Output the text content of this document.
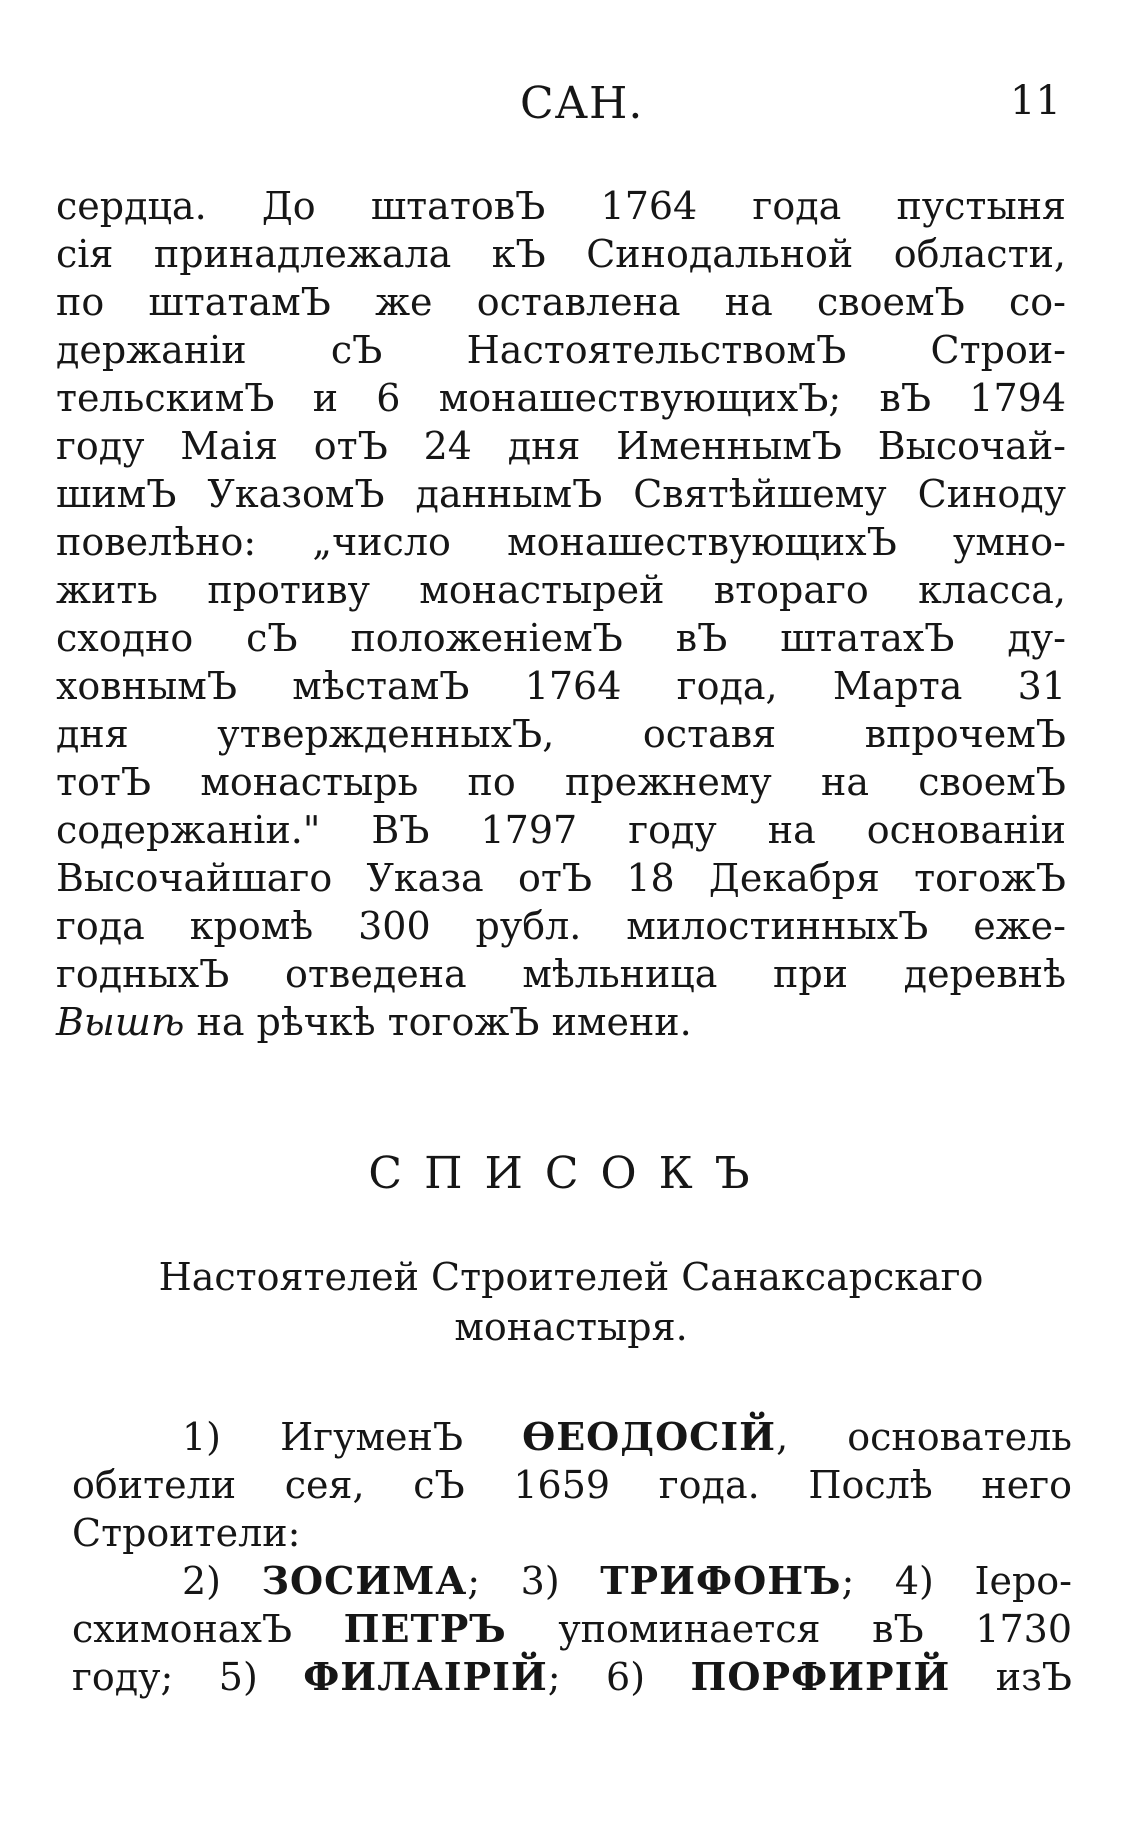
САН.	11
сердца. До штатовЪ 1764 года пустыня
сія принадлежала кЪ Синодальной области,
по штатамЪ же оставлена на своемЪ со-
держаніи сЪ НастоятельствомЪ Строи-
тельскимЪ и 6 монашествующихЪ; вЪ 1794
году Маія отЪ 24 дня ИменнымЪ Высочай-
шимЪ УказомЪ даннымЪ Святѣйшему Синоду
повелѣно: „число монашествующихЪ умно-
жить противу монастырей втораго класса,
сходно сЪ положеніемЪ вЪ штатахЪ ду-
ховнымЪ мѣстамЪ 1764 года, Марта 31
дня утвержденныхЪ, оставя впрочемЪ
тотЪ монастырь по прежнему на своемЪ
содержаніи." ВЪ 1797 году на основаніи
Высочайшаго Указа отЪ 18 Декабря тогожЪ
года кромѣ 300 рубл. милостинныхЪ еже-
годныхЪ отведена мѣльница при деревнѣ
Вышѣ на рѣчкѣ тогожЪ имени.
СПИСОКЪ
Настоятелей Строителей Санаксарскаго
монастыря.
1) ИгуменЪ ѲЕОДОСІЙ, основатель
обители сея, сЪ 1659 года. Послѣ него
Строители:
2) ЗОСИМА; 3) ТРИФОНЪ; 4) Іеро-
схимонахЪ ПЕТРЪ упоминается вЪ 1730
году; 5) ФИЛАІРІЙ; 6) ПОРФИРІЙ изЪ
